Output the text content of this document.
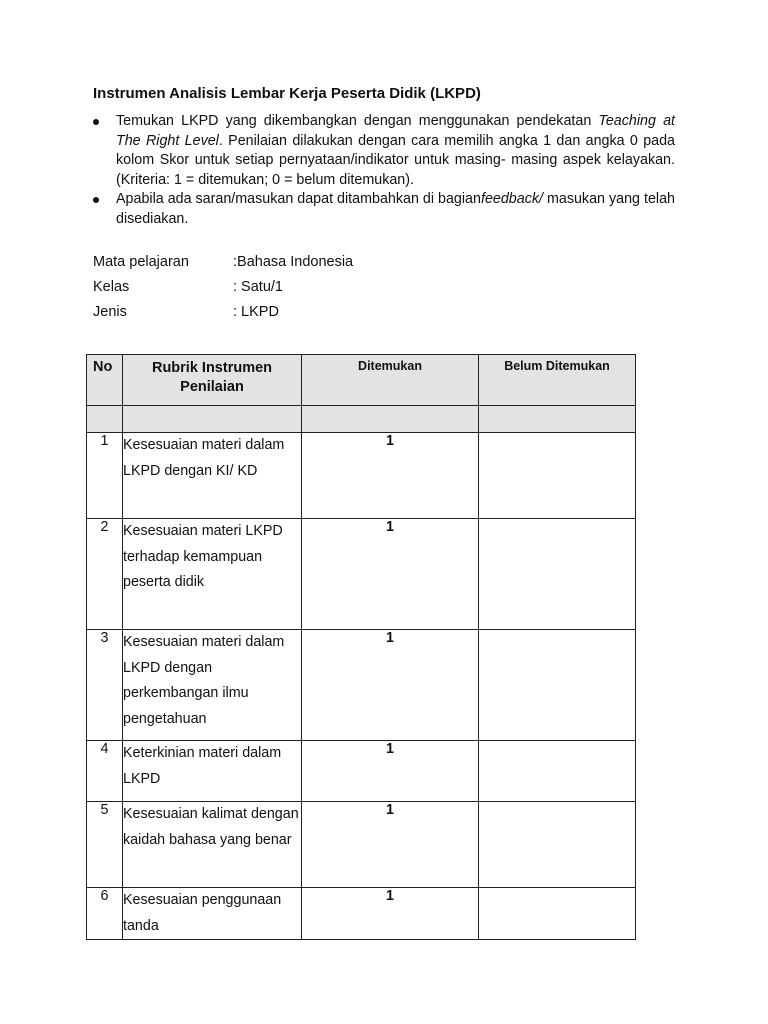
Instrumen Analisis Lembar Kerja Peserta Didik (LKPD)
Temukan LKPD yang dikembangkan dengan menggunakan pendekatan Teaching at The Right Level. Penilaian dilakukan dengan cara memilih angka 1 dan angka 0 pada kolom Skor untuk setiap pernyataan/indikator untuk masing- masing aspek kelayakan. (Kriteria: 1 = ditemukan; 0 = belum ditemukan).
Apabila ada saran/masukan dapat ditambahkan di bagianfeedback/ masukan yang telah disediakan.
Mata pelajaran	:Bahasa Indonesia
Kelas	: Satu/1
Jenis	: LKPD
No	Rubrik Instrumen Penilaian	Ditemukan	Belum Ditemukan

1	Kesesuaian materi dalam LKPD dengan KI/ KD	1	
2	Kesesuaian materi LKPD terhadap kemampuan peserta didik	1	
3	Kesesuaian materi dalam LKPD dengan perkembangan ilmu pengetahuan	1	
4	Keterkinian materi dalam LKPD	1	
5	Kesesuaian kalimat dengan kaidah bahasa yang benar	1	
6	Kesesuaian penggunaan tanda	1	
